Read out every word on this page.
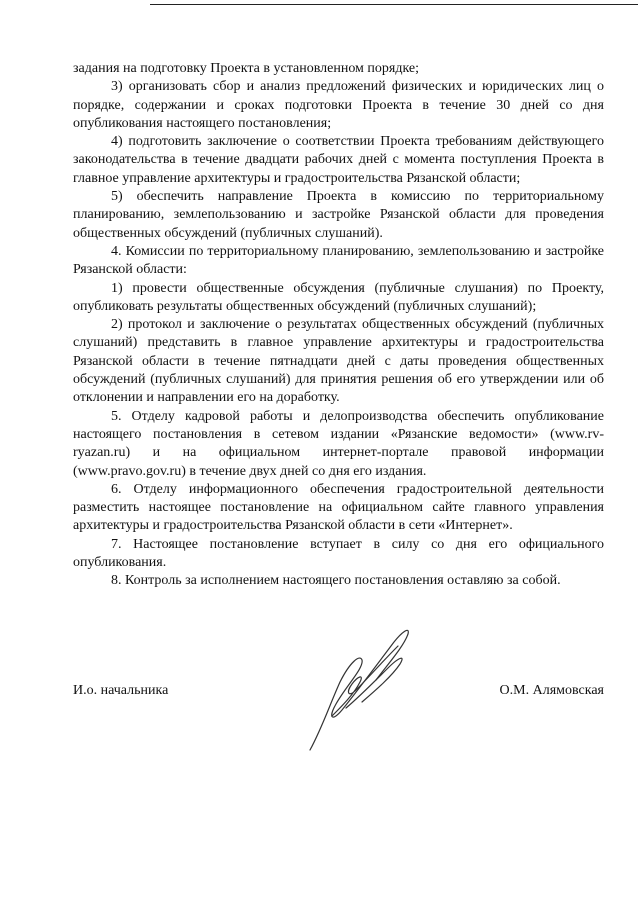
задания на подготовку Проекта в установленном порядке;

3) организовать сбор и анализ предложений физических и юридических лиц о порядке, содержании и сроках подготовки Проекта в течение 30 дней со дня опубликования настоящего постановления;

4) подготовить заключение о соответствии Проекта требованиям действующего законодательства в течение двадцати рабочих дней с момента поступления Проекта в главное управление архитектуры и градостроительства Рязанской области;

5) обеспечить направление Проекта в комиссию по территориальному планированию, землепользованию и застройке Рязанской области для проведения общественных обсуждений (публичных слушаний).

4. Комиссии по территориальному планированию, землепользованию и застройке Рязанской области:

1) провести общественные обсуждения (публичные слушания) по Проекту, опубликовать результаты общественных обсуждений (публичных слушаний);

2) протокол и заключение о результатах общественных обсуждений (публичных слушаний) представить в главное управление архитектуры и градостроительства Рязанской области в течение пятнадцати дней с даты проведения общественных обсуждений (публичных слушаний) для принятия решения об его утверждении или об отклонении и направлении его на доработку.

5. Отделу кадровой работы и делопроизводства обеспечить опубликование настоящего постановления в сетевом издании «Рязанские ведомости» (www.rv-ryazan.ru) и на официальном интернет-портале правовой информации (www.pravo.gov.ru) в течение двух дней со дня его издания.

6. Отделу информационного обеспечения градостроительной деятельности разместить настоящее постановление на официальном сайте главного управления архитектуры и градостроительства Рязанской области в сети «Интернет».

7. Настоящее постановление вступает в силу со дня его официального опубликования.

8. Контроль за исполнением настоящего постановления оставляю за собой.

И.о. начальника	О.М. Алямовская
